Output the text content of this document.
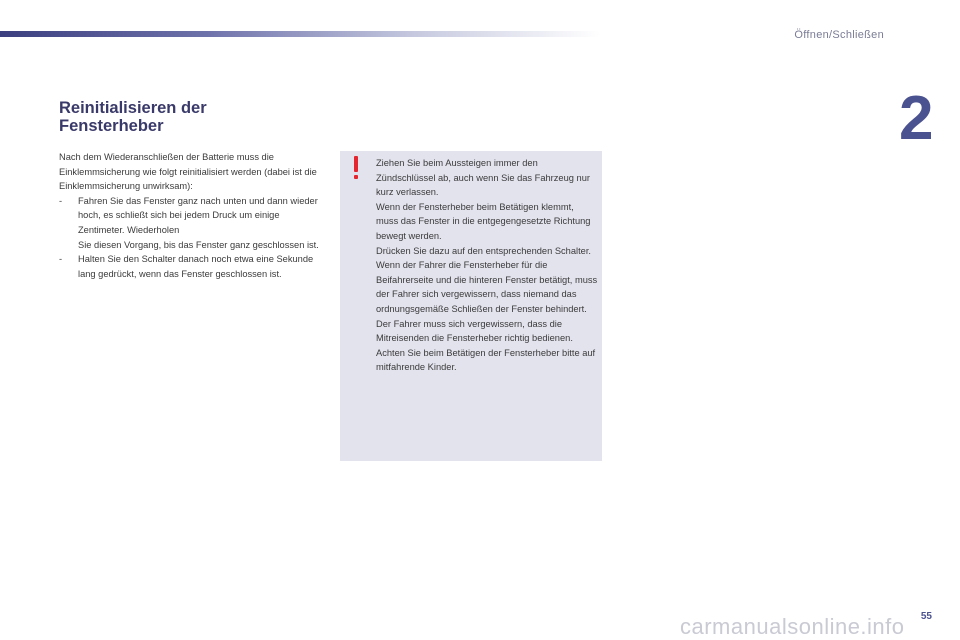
Öffnen/Schließen
2
Reinitialisieren der
Fensterheber

Nach dem Wiederanschließen der Batterie muss die Einklemmsicherung wie folgt reinitialisiert werden (dabei ist die Einklemmsicherung unwirksam):

- Fahren Sie das Fenster ganz nach unten und dann wieder hoch, es schließt sich bei jedem Druck um einige Zentimeter. Wiederholen
Sie diesen Vorgang, bis das Fenster ganz geschlossen ist.
- Halten Sie den Schalter danach noch etwa eine Sekunde lang gedrückt, wenn das Fenster geschlossen ist.
Ziehen Sie beim Aussteigen immer den Zündschlüssel ab, auch wenn Sie das Fahrzeug nur kurz verlassen.
Wenn der Fensterheber beim Betätigen klemmt, muss das Fenster in die entgegengesetzte Richtung bewegt werden.
Drücken Sie dazu auf den entsprechenden Schalter.
Wenn der Fahrer die Fensterheber für die Beifahrerseite und die hinteren Fenster betätigt, muss der Fahrer sich vergewissern, dass niemand das ordnungsgemäße Schließen der Fenster behindert.
Der Fahrer muss sich vergewissern, dass die Mitreisenden die Fensterheber richtig bedienen.
Achten Sie beim Betätigen der Fensterheber bitte auf mitfahrende Kinder.
carmanualsonline.info 55
